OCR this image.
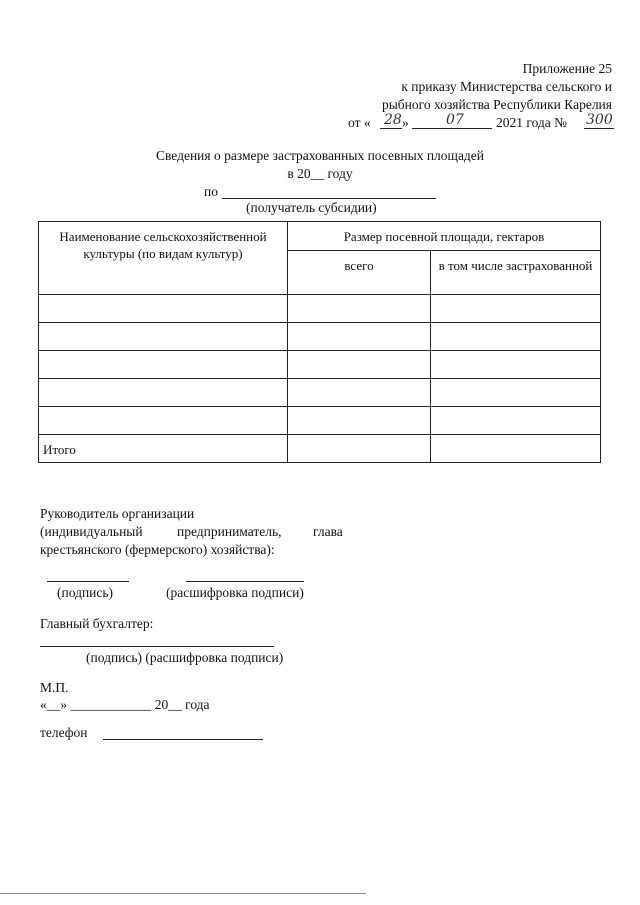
Приложение 25
к приказу Министерства сельского и
рыбного хозяйства Республики Карелия
от « 28 »	07 2021 года № 300
Сведения о размере застрахованных посевных площадей
в 20__ году
по
(получатель субсидии)
Наименование сельскохозяйственной культуры (по видам культур)	Размер посевной площади, гектаров	
	всего	в том числе застрахованной

Итого		
Руководитель организации
(индивидуальный	предприниматель, глава
крестьянского (фермерского) хозяйства):
(подпись)	(расшифровка подписи)
Главный бухгалтер:
(подпись) (расшифровка подписи)
М.П.
«__» ____________ 20__ года
телефон
